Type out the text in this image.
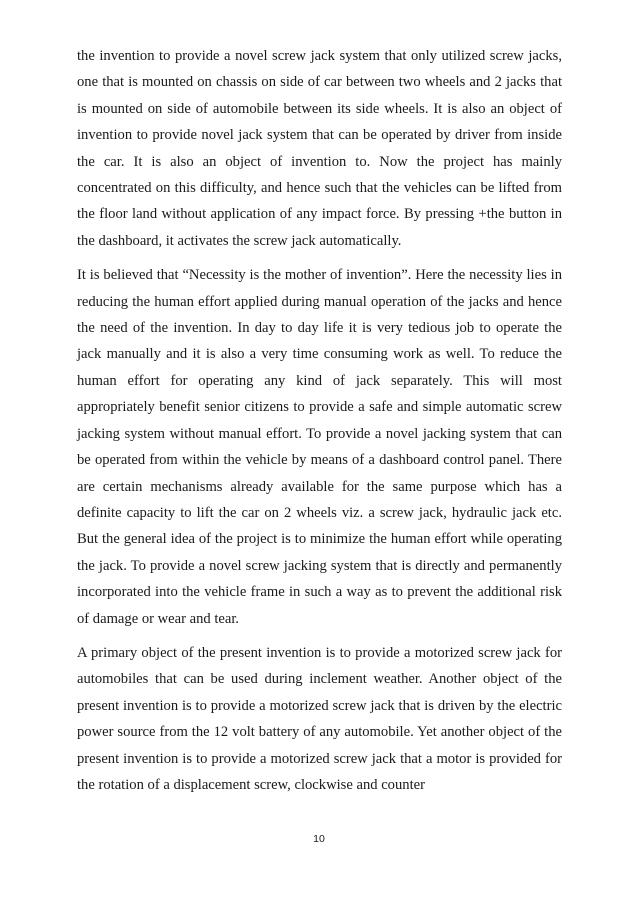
the invention to provide a novel screw jack system that only utilized screw jacks, one that is mounted on chassis on side of car between two wheels and 2 jacks that is mounted on side of automobile between its side wheels. It is also an object of invention to provide novel jack system that can be operated by driver from inside the car. It is also an object of invention to. Now the project has mainly concentrated on this difficulty, and hence such that the vehicles can be lifted from the floor land without application of any impact force. By pressing +the button in the dashboard, it activates the screw jack automatically.

It is believed that “Necessity is the mother of invention”. Here the necessity lies in reducing the human effort applied during manual operation of the jacks and hence the need of the invention. In day to day life it is very tedious job to operate the jack manually and it is also a very time consuming work as well. To reduce the human effort for operating any kind of jack separately. This will most appropriately benefit senior citizens to provide a safe and simple automatic screw jacking system without manual effort. To provide a novel jacking system that can be operated from within the vehicle by means of a dashboard control panel. There are certain mechanisms already available for the same purpose which has a definite capacity to lift the car on 2 wheels viz. a screw jack, hydraulic jack etc. But the general idea of the project is to minimize the human effort while operating the jack. To provide a novel screw jacking system that is directly and permanently incorporated into the vehicle frame in such a way as to prevent the additional risk of damage or wear and tear.

A primary object of the present invention is to provide a motorized screw jack for automobiles that can be used during inclement weather. Another object of the present invention is to provide a motorized screw jack that is driven by the electric power source from the 12 volt battery of any automobile. Yet another object of the present invention is to provide a motorized screw jack that a motor is provided for the rotation of a displacement screw, clockwise and counter

10
